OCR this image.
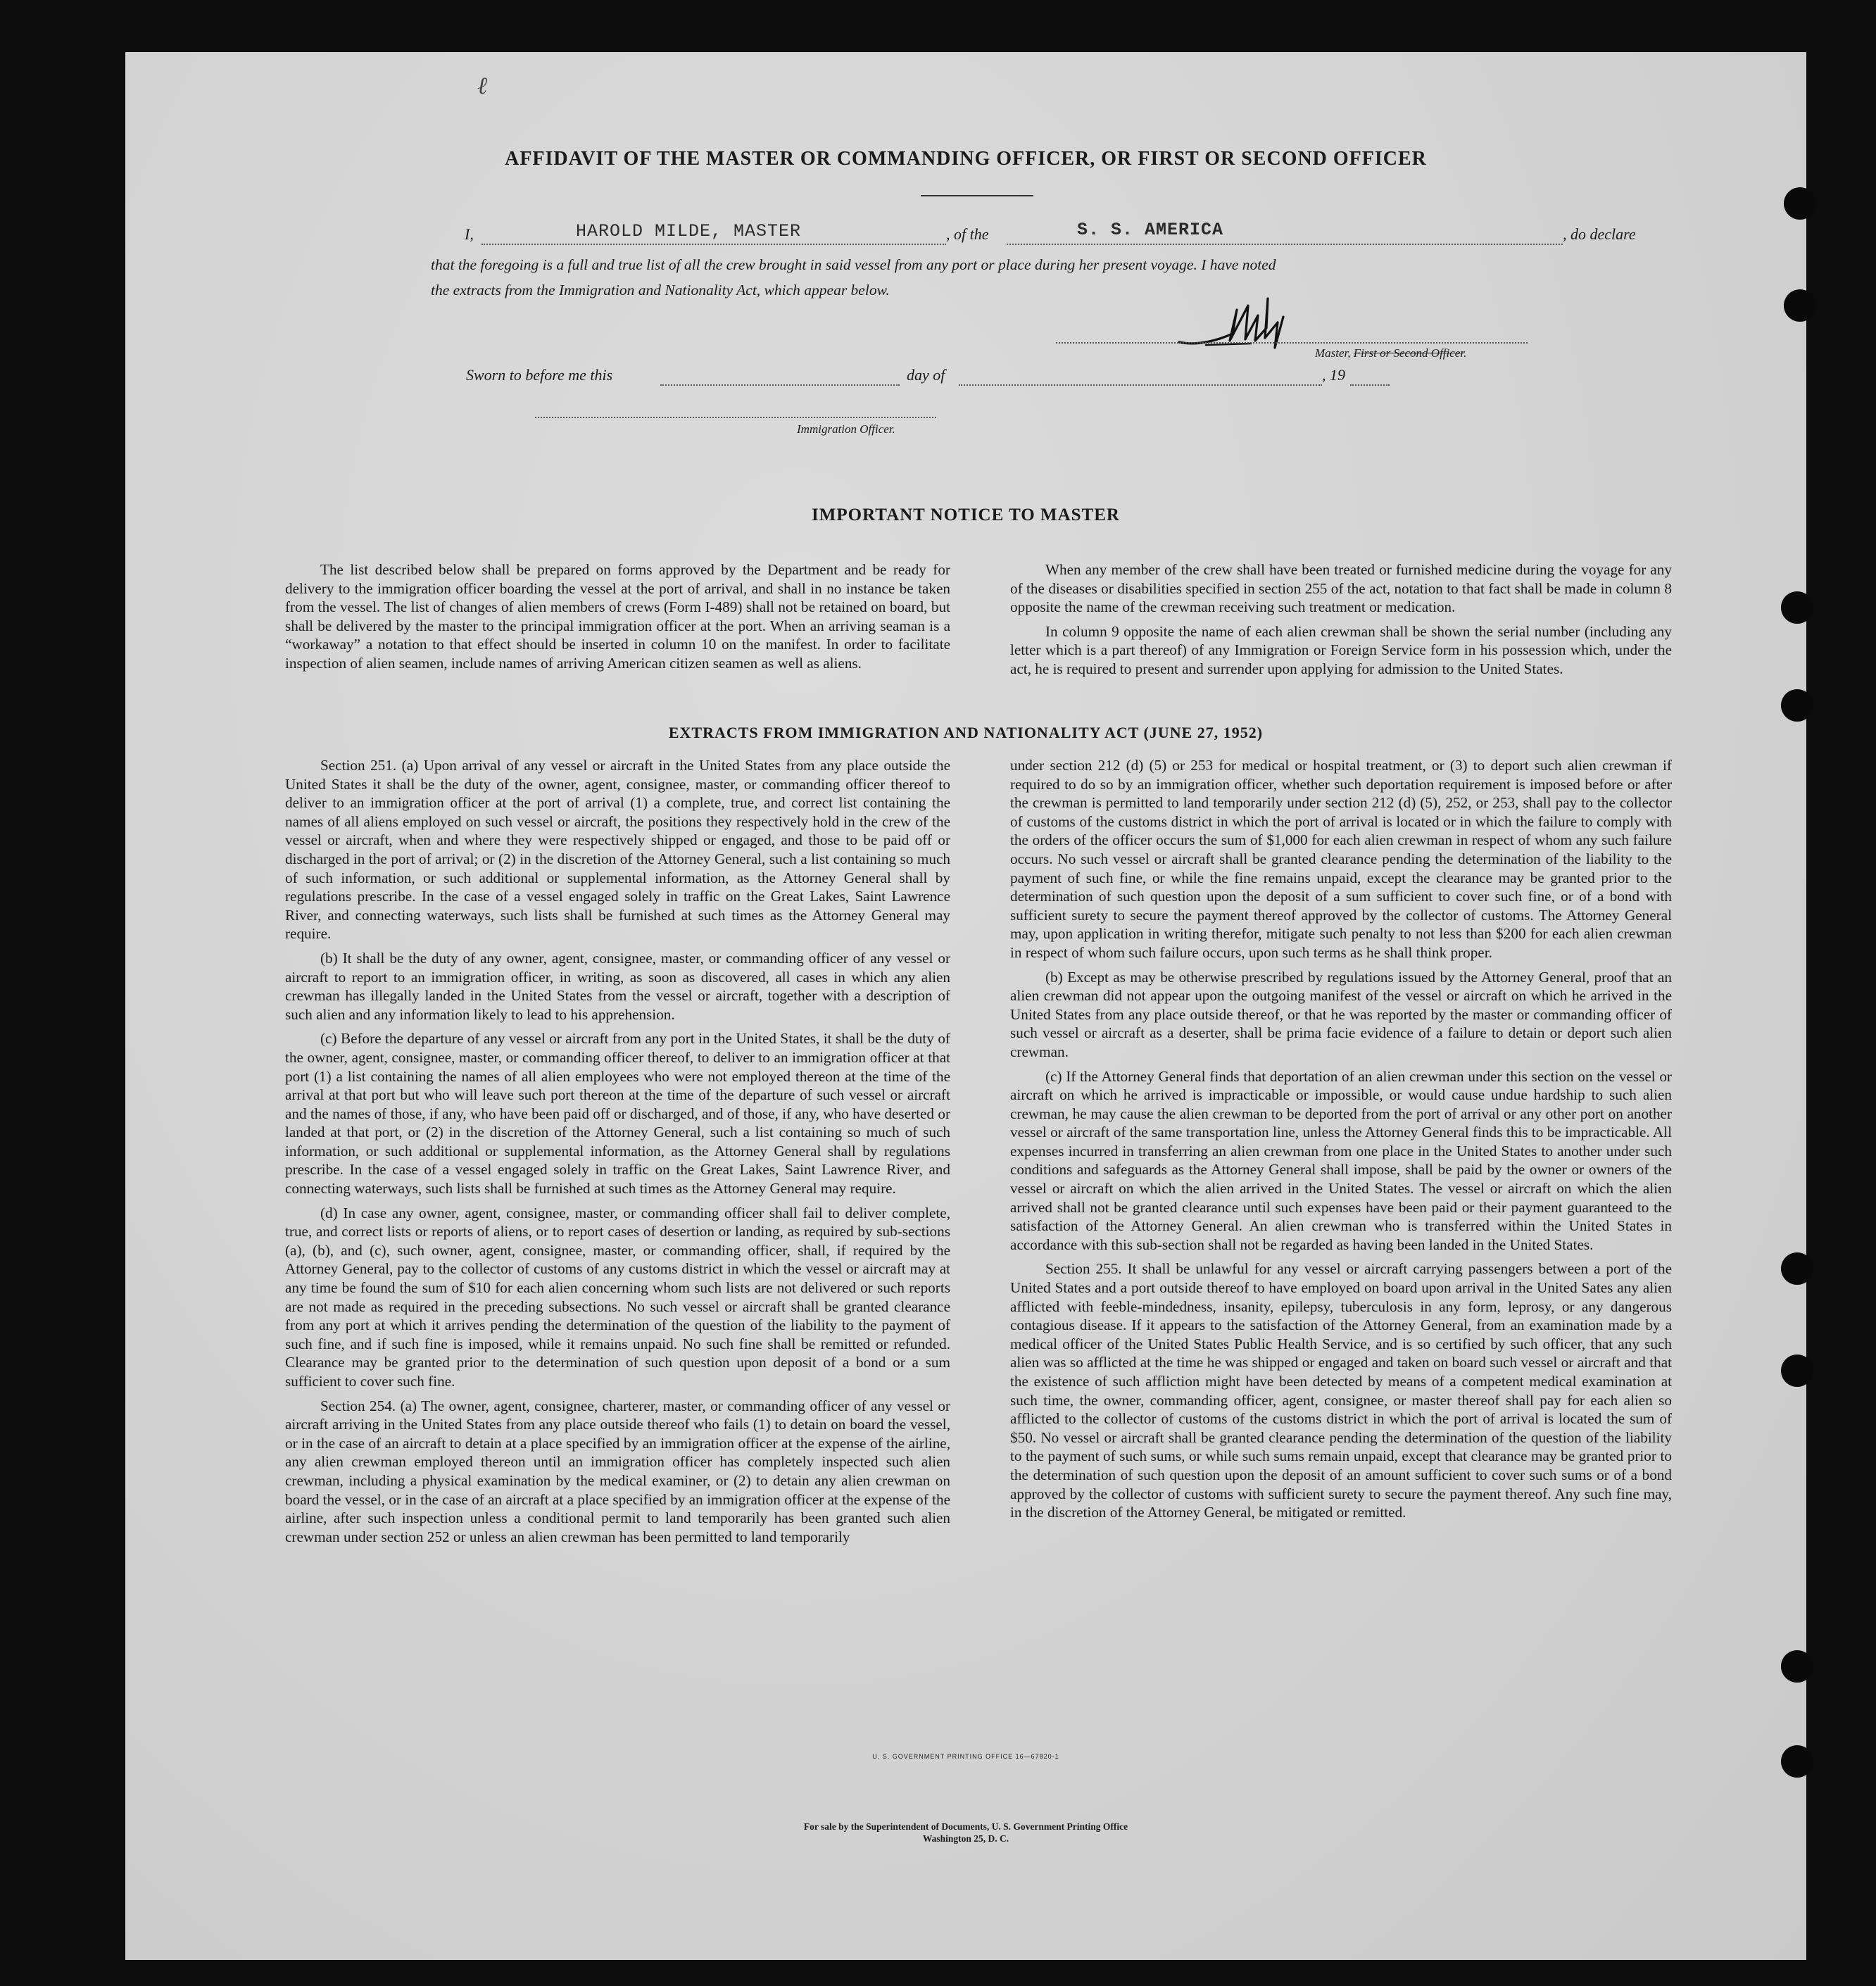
ℓ
AFFIDAVIT OF THE MASTER OR COMMANDING OFFICER, OR FIRST OR SECOND OFFICER
I,	HAROLD MILDE, MASTER	, of the	S. S. AMERICA	, do declare
that the foregoing is a full and true list of all the crew brought in said vessel from any port or place during her present voyage. I have noted
the extracts from the Immigration and Nationality Act, which appear below.
Master, First or Second Officer.
Sworn to before me this	day of	, 19
Immigration Officer.
IMPORTANT NOTICE TO MASTER

The list described below shall be prepared on forms approved by the Department and be ready for delivery to the immigration officer boarding the vessel at the port of arrival, and shall in no instance be taken from the vessel. The list of changes of alien members of crews (Form I-489) shall not be retained on board, but shall be delivered by the master to the principal immigration officer at the port. When an arriving seaman is a “workaway” a notation to that effect should be inserted in column 10 on the manifest. In order to facilitate inspection of alien seamen, include names of arriving American citizen seamen as well as aliens.

When any member of the crew shall have been treated or furnished medicine during the voyage for any of the diseases or disabilities specified in section 255 of the act, notation to that fact shall be made in column 8 opposite the name of the crewman receiving such treatment or medication.

In column 9 opposite the name of each alien crewman shall be shown the serial number (including any letter which is a part thereof) of any Immigration or Foreign Service form in his possession which, under the act, he is required to present and surrender upon applying for admission to the United States.

EXTRACTS FROM IMMIGRATION AND NATIONALITY ACT (JUNE 27, 1952)

Section 251. (a) Upon arrival of any vessel or aircraft in the United States from any place outside the United States it shall be the duty of the owner, agent, consignee, master, or commanding officer thereof to deliver to an immigration officer at the port of arrival (1) a complete, true, and correct list containing the names of all aliens employed on such vessel or aircraft, the positions they respectively hold in the crew of the vessel or aircraft, when and where they were respectively shipped or engaged, and those to be paid off or discharged in the port of arrival; or (2) in the discretion of the Attorney General, such a list containing so much of such information, or such additional or supplemental information, as the Attorney General shall by regulations prescribe. In the case of a vessel engaged solely in traffic on the Great Lakes, Saint Lawrence River, and connecting waterways, such lists shall be furnished at such times as the Attorney General may require.

(b) It shall be the duty of any owner, agent, consignee, master, or commanding officer of any vessel or aircraft to report to an immigration officer, in writing, as soon as discovered, all cases in which any alien crewman has illegally landed in the United States from the vessel or aircraft, together with a description of such alien and any information likely to lead to his apprehension.

(c) Before the departure of any vessel or aircraft from any port in the United States, it shall be the duty of the owner, agent, consignee, master, or commanding officer thereof, to deliver to an immigration officer at that port (1) a list containing the names of all alien employees who were not employed thereon at the time of the arrival at that port but who will leave such port thereon at the time of the departure of such vessel or aircraft and the names of those, if any, who have been paid off or discharged, and of those, if any, who have deserted or landed at that port, or (2) in the discretion of the Attorney General, such a list containing so much of such information, or such additional or supplemental information, as the Attorney General shall by regulations prescribe. In the case of a vessel engaged solely in traffic on the Great Lakes, Saint Lawrence River, and connecting waterways, such lists shall be furnished at such times as the Attorney General may require.

(d) In case any owner, agent, consignee, master, or commanding officer shall fail to deliver complete, true, and correct lists or reports of aliens, or to report cases of desertion or landing, as required by sub-sections (a), (b), and (c), such owner, agent, consignee, master, or commanding officer, shall, if required by the Attorney General, pay to the collector of customs of any customs district in which the vessel or aircraft may at any time be found the sum of $10 for each alien concerning whom such lists are not delivered or such reports are not made as required in the preceding subsections. No such vessel or aircraft shall be granted clearance from any port at which it arrives pending the determination of the question of the liability to the payment of such fine, and if such fine is imposed, while it remains unpaid. No such fine shall be remitted or refunded. Clearance may be granted prior to the determination of such question upon deposit of a bond or a sum sufficient to cover such fine.

Section 254. (a) The owner, agent, consignee, charterer, master, or commanding officer of any vessel or aircraft arriving in the United States from any place outside thereof who fails (1) to detain on board the vessel, or in the case of an aircraft to detain at a place specified by an immigration officer at the expense of the airline, any alien crewman employed thereon until an immigration officer has completely inspected such alien crewman, including a physical examination by the medical examiner, or (2) to detain any alien crewman on board the vessel, or in the case of an aircraft at a place specified by an immigration officer at the expense of the airline, after such inspection unless a conditional permit to land temporarily has been granted such alien crewman under section 252 or unless an alien crewman has been permitted to land temporarily

under section 212 (d) (5) or 253 for medical or hospital treatment, or (3) to deport such alien crewman if required to do so by an immigration officer, whether such deportation requirement is imposed before or after the crewman is permitted to land temporarily under section 212 (d) (5), 252, or 253, shall pay to the collector of customs of the customs district in which the port of arrival is located or in which the failure to comply with the orders of the officer occurs the sum of $1,000 for each alien crewman in respect of whom any such failure occurs. No such vessel or aircraft shall be granted clearance pending the determination of the liability to the payment of such fine, or while the fine remains unpaid, except the clearance may be granted prior to the determination of such question upon the deposit of a sum sufficient to cover such fine, or of a bond with sufficient surety to secure the payment thereof approved by the collector of customs. The Attorney General may, upon application in writing therefor, mitigate such penalty to not less than $200 for each alien crewman in respect of whom such failure occurs, upon such terms as he shall think proper.

(b) Except as may be otherwise prescribed by regulations issued by the Attorney General, proof that an alien crewman did not appear upon the outgoing manifest of the vessel or aircraft on which he arrived in the United States from any place outside thereof, or that he was reported by the master or commanding officer of such vessel or aircraft as a deserter, shall be prima facie evidence of a failure to detain or deport such alien crewman.

(c) If the Attorney General finds that deportation of an alien crewman under this section on the vessel or aircraft on which he arrived is impracticable or impossible, or would cause undue hardship to such alien crewman, he may cause the alien crewman to be deported from the port of arrival or any other port on another vessel or aircraft of the same transportation line, unless the Attorney General finds this to be impracticable. All expenses incurred in transferring an alien crewman from one place in the United States to another under such conditions and safeguards as the Attorney General shall impose, shall be paid by the owner or owners of the vessel or aircraft on which the alien arrived in the United States. The vessel or aircraft on which the alien arrived shall not be granted clearance until such expenses have been paid or their payment guaranteed to the satisfaction of the Attorney General. An alien crewman who is transferred within the United States in accordance with this sub-section shall not be regarded as having been landed in the United States.

Section 255. It shall be unlawful for any vessel or aircraft carrying passengers between a port of the United States and a port outside thereof to have employed on board upon arrival in the United Sates any alien afflicted with feeble-mindedness, insanity, epilepsy, tuberculosis in any form, leprosy, or any dangerous contagious disease. If it appears to the satisfaction of the Attorney General, from an examination made by a medical officer of the United States Public Health Service, and is so certified by such officer, that any such alien was so afflicted at the time he was shipped or engaged and taken on board such vessel or aircraft and that the existence of such affliction might have been detected by means of a competent medical examination at such time, the owner, commanding officer, agent, consignee, or master thereof shall pay for each alien so afflicted to the collector of customs of the customs district in which the port of arrival is located the sum of $50. No vessel or aircraft shall be granted clearance pending the determination of the question of the liability to the payment of such sums, or while such sums remain unpaid, except that clearance may be granted prior to the determination of such question upon the deposit of an amount sufficient to cover such sums or of a bond approved by the collector of customs with sufficient surety to secure the payment thereof. Any such fine may, in the discretion of the Attorney General, be mitigated or remitted.

U. S. GOVERNMENT PRINTING OFFICE 16—67820-1
For sale by the Superintendent of Documents, U. S. Government Printing Office
Washington 25, D. C.
